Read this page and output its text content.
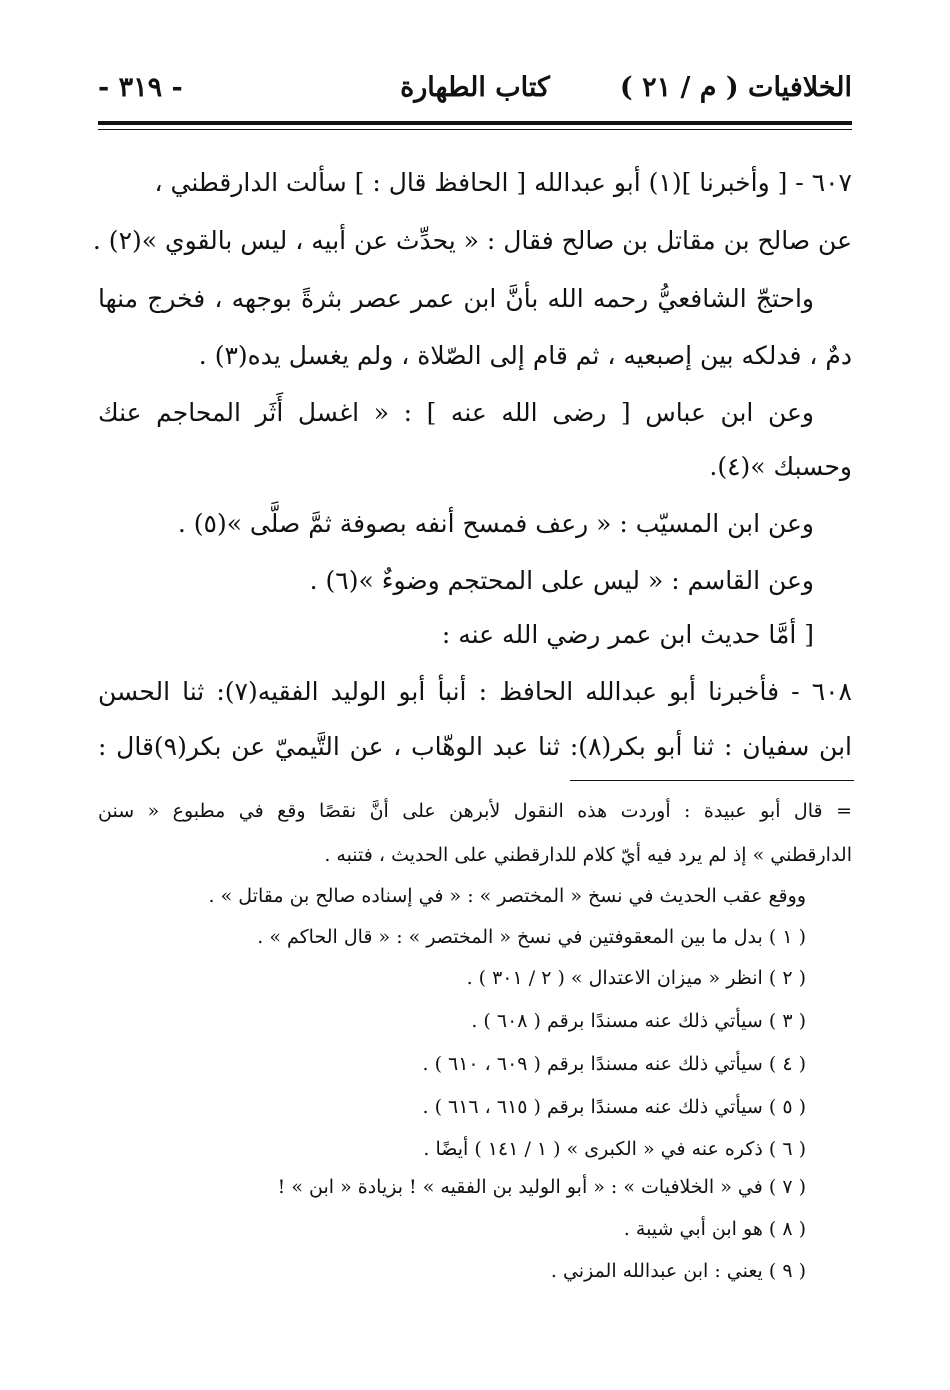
الخلافيات ( م / ٢١ )
كتاب الطهارة
- ٣١٩ -
٦٠٧ - [ وأخبرنا ](١) أبو عبدالله [ الحافظ قال : ] سألت الدارقطني ،
عن صالح بن مقاتل بن صالح فقال : « يحدِّث عن أبيه ، ليس بالقوي »(٢) .
واحتجّ الشافعيُّ رحمه الله بأنَّ ابن عمر عصر بثرةً بوجهه ، فخرج منها
دمٌ ، فدلكه بين إصبعيه ، ثم قام إلى الصّلاة ، ولم يغسل يده(٣) .
وعن ابن عباس [ رضى الله عنه ] : « اغسل أَثَر المحاجم عنك
وحسبك »(٤).
وعن ابن المسيّب : « رعف فمسح أنفه بصوفة ثمَّ صلَّى »(٥) .
وعن القاسم : « ليس على المحتجم وضوءٌ »(٦) .
[ أمَّا حديث ابن عمر رضي الله عنه :
٦٠٨ - فأخبرنا أبو عبدالله الحافظ : أنبأ أبو الوليد الفقيه(٧): ثنا الحسن
ابن سفيان : ثنا أبو بكر(٨): ثنا عبد الوهّاب ، عن التَّيميّ عن بكر(٩)قال :
= قال أبو عبيدة : أوردت هذه النقول لأبرهن على أنَّ نقصًا وقع في مطبوع « سنن
الدارقطني » إذ لم يرد فيه أيّ كلام للدارقطني على الحديث ، فتنبه .
ووقع عقب الحديث في نسخ « المختصر » : « في إسناده صالح بن مقاتل » .
( ١ ) بدل ما بين المعقوفتين في نسخ « المختصر » : « قال الحاكم » .
( ٢ ) انظر « ميزان الاعتدال » ( ٢ / ٣٠١ ) .
( ٣ ) سيأتي ذلك عنه مسندًا برقم ( ٦٠٨ ) .
( ٤ ) سيأتي ذلك عنه مسندًا برقم ( ٦٠٩ ، ٦١٠ ) .
( ٥ ) سيأتي ذلك عنه مسندًا برقم ( ٦١٥ ، ٦١٦ ) .
( ٦ ) ذكره عنه في « الكبرى » ( ١ / ١٤١ ) أيضًا .
( ٧ ) في « الخلافيات » : « أبو الوليد بن الفقيه » ! بزيادة « ابن » !
( ٨ ) هو ابن أبي شيبة .
( ٩ ) يعني : ابن عبدالله المزني .
